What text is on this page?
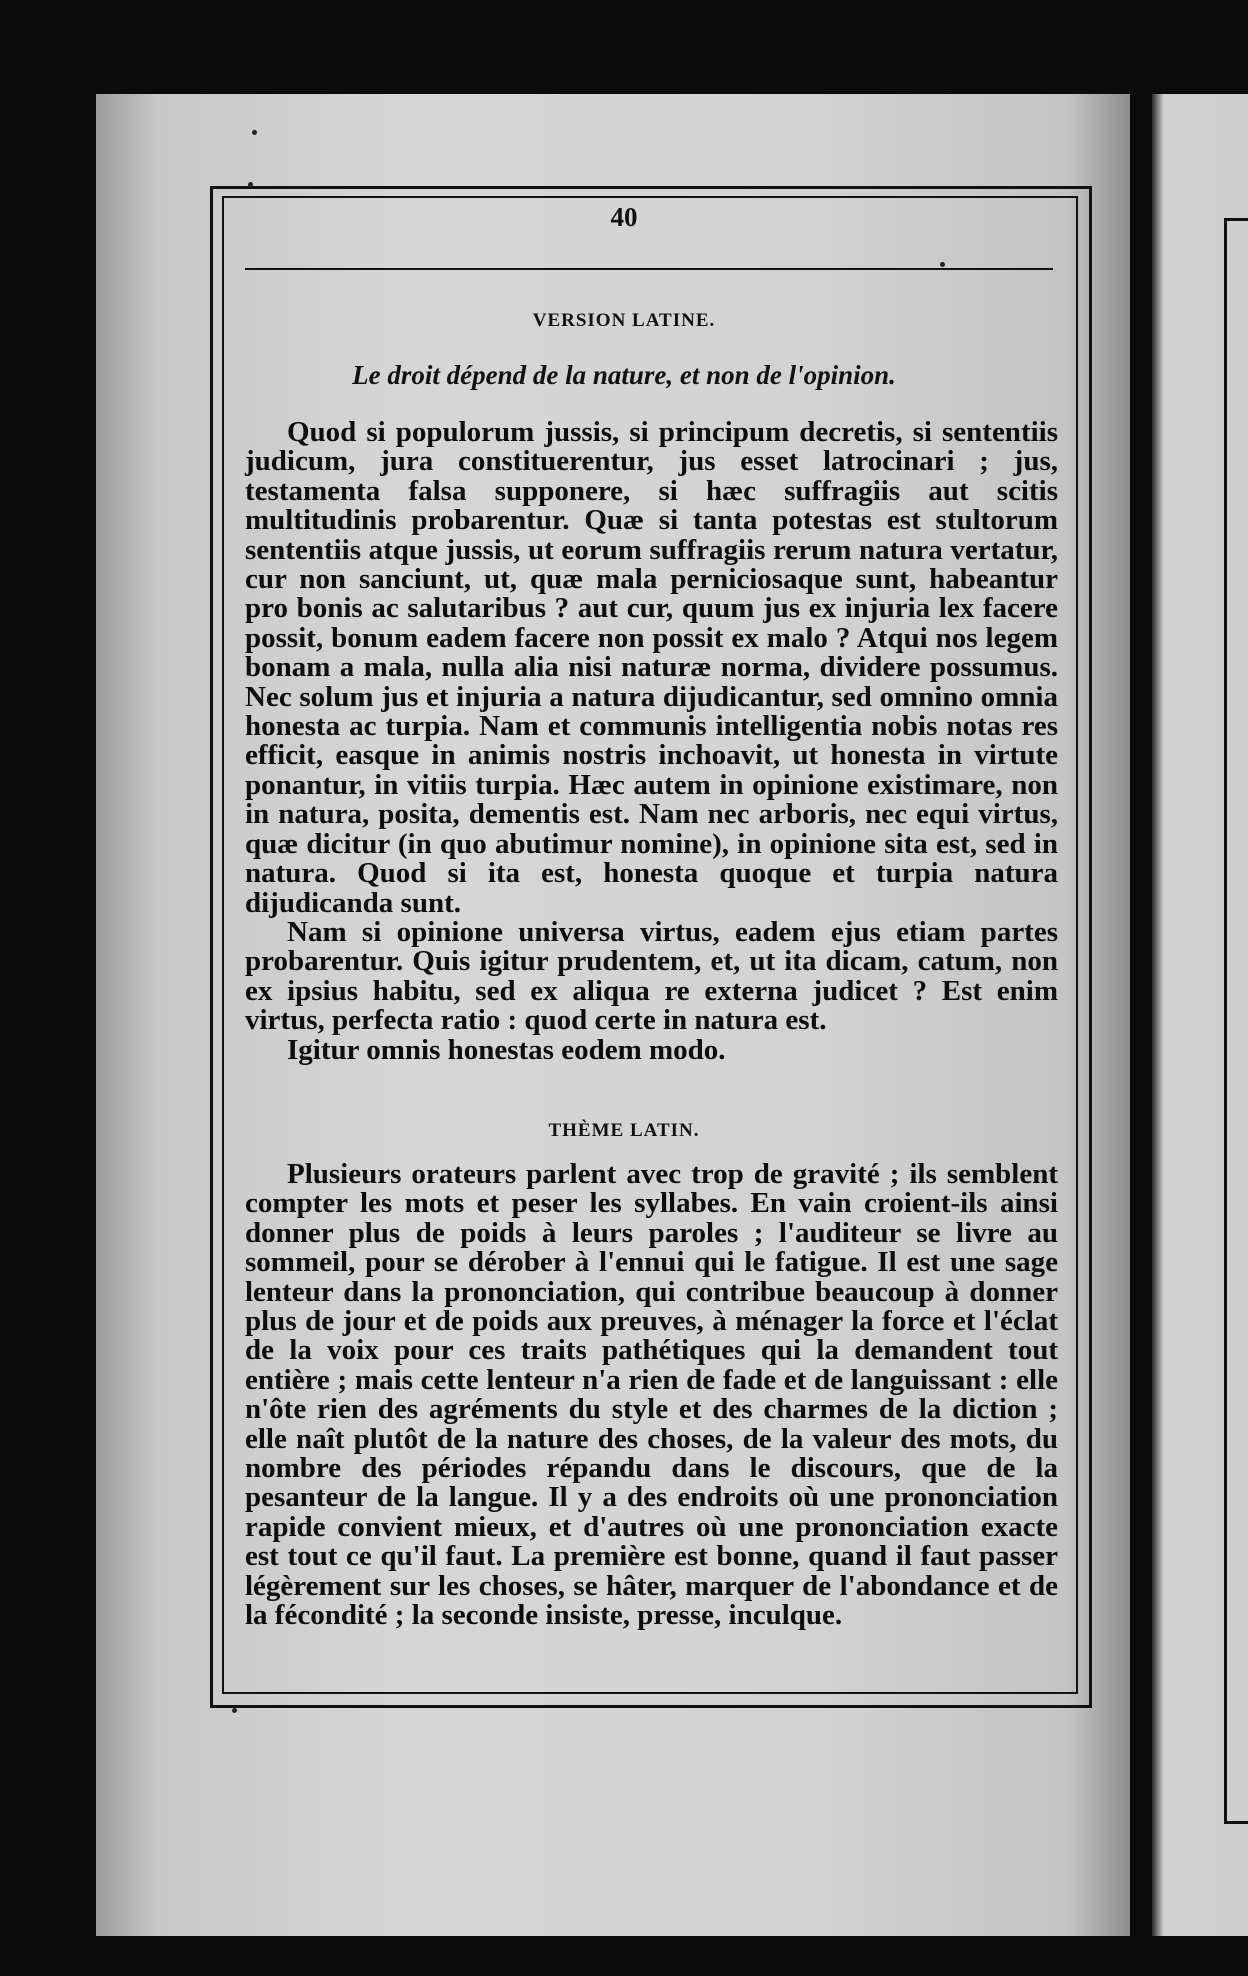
40
VERSION LATINE.
Le droit dépend de la nature, et non de l'opinion.

Quod si populorum jussis, si principum decretis, si sententiis judicum, jura constituerentur, jus esset latrocinari ; jus, testamenta falsa supponere, si hæc suffragiis aut scitis multitudinis probarentur. Quæ si tanta potestas est stultorum sententiis atque jussis, ut eorum suffragiis rerum natura vertatur, cur non sanciunt, ut, quæ mala perniciosaque sunt, habeantur pro bonis ac salutaribus ? aut cur, quum jus ex injuria lex facere possit, bonum eadem facere non possit ex malo ? Atqui nos legem bonam a mala, nulla alia nisi naturæ norma, dividere possumus. Nec solum jus et injuria a natura dijudicantur, sed omnino omnia honesta ac turpia. Nam et communis intelligentia nobis notas res efficit, easque in animis nostris inchoavit, ut honesta in virtute ponantur, in vitiis turpia. Hæc autem in opinione existimare, non in natura, posita, dementis est. Nam nec arboris, nec equi virtus, quæ dicitur (in quo abutimur nomine), in opinione sita est, sed in natura. Quod si ita est, honesta quoque et turpia natura dijudicanda sunt.

Nam si opinione universa virtus, eadem ejus etiam partes probarentur. Quis igitur prudentem, et, ut ita dicam, catum, non ex ipsius habitu, sed ex aliqua re externa judicet ? Est enim virtus, perfecta ratio : quod certe in natura est.

Igitur omnis honestas eodem modo.

THÈME LATIN.

Plusieurs orateurs parlent avec trop de gravité ; ils semblent compter les mots et peser les syllabes. En vain croient-ils ainsi donner plus de poids à leurs paroles ; l'auditeur se livre au sommeil, pour se dérober à l'ennui qui le fatigue. Il est une sage lenteur dans la prononciation, qui contribue beaucoup à donner plus de jour et de poids aux preuves, à ménager la force et l'éclat de la voix pour ces traits pathétiques qui la demandent tout entière ; mais cette lenteur n'a rien de fade et de languissant : elle n'ôte rien des agréments du style et des charmes de la diction ; elle naît plutôt de la nature des choses, de la valeur des mots, du nombre des périodes répandu dans le discours, que de la pesanteur de la langue. Il y a des endroits où une prononciation rapide convient mieux, et d'autres où une prononciation exacte est tout ce qu'il faut. La première est bonne, quand il faut passer légèrement sur les choses, se hâter, marquer de l'abondance et de la fécondité ; la seconde insiste, presse, inculque.
